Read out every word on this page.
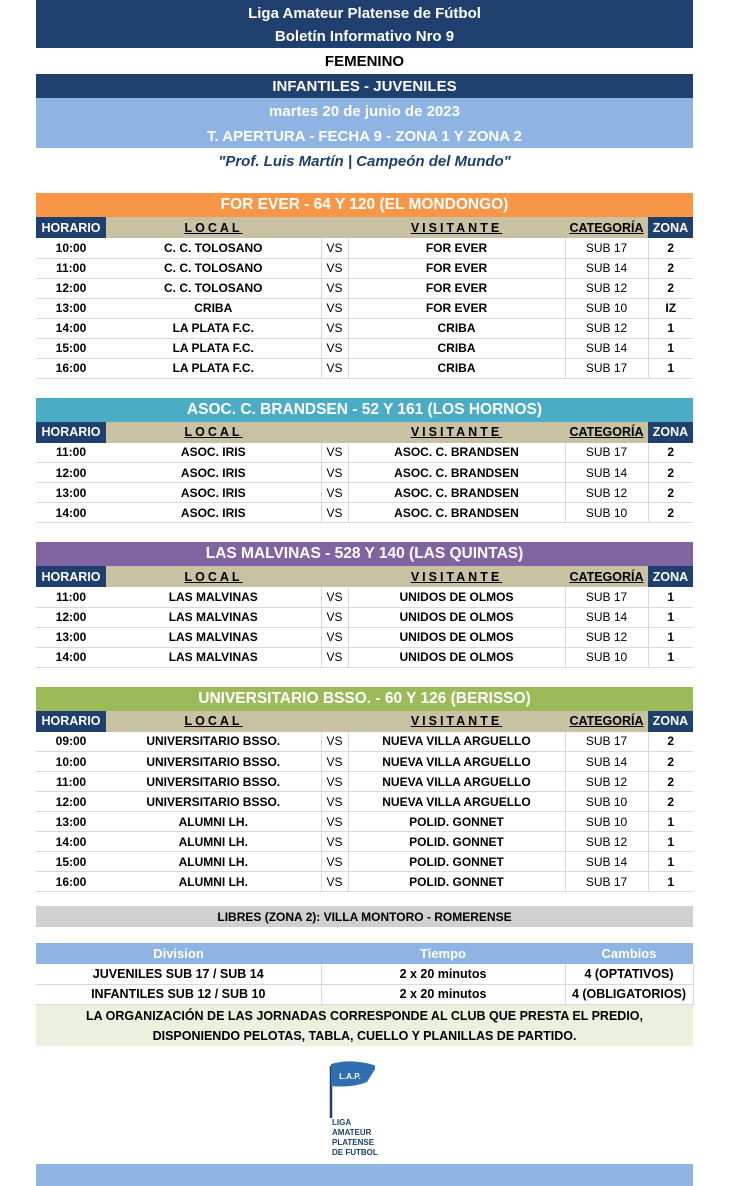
Liga Amateur Platense de Fútbol
Boletín Informativo Nro 9
FEMENINO
INFANTILES - JUVENILES
martes 20 de junio de 2023
T. APERTURA - FECHA 9 - ZONA 1 Y ZONA 2
"Prof. Luis Martín | Campeón del Mundo"
FOR EVER - 64 Y 120 (EL MONDONGO)
HORARIO	LOCAL		VISITANTE	CATEGORÍA	ZONA
10:00	C. C. TOLOSANO	VS	FOR EVER	SUB 17	2
11:00	C. C. TOLOSANO	VS	FOR EVER	SUB 14	2
12:00	C. C. TOLOSANO	VS	FOR EVER	SUB 12	2
13:00	CRIBA	VS	FOR EVER	SUB 10	IZ
14:00	LA PLATA F.C.	VS	CRIBA	SUB 12	1
15:00	LA PLATA F.C.	VS	CRIBA	SUB 14	1
16:00	LA PLATA F.C.	VS	CRIBA	SUB 17	1
ASOC. C. BRANDSEN - 52 Y 161 (LOS HORNOS)
HORARIO	LOCAL		VISITANTE	CATEGORÍA	ZONA
11:00	ASOC. IRIS	VS	ASOC. C. BRANDSEN	SUB 17	2
12:00	ASOC. IRIS	VS	ASOC. C. BRANDSEN	SUB 14	2
13:00	ASOC. IRIS	VS	ASOC. C. BRANDSEN	SUB 12	2
14:00	ASOC. IRIS	VS	ASOC. C. BRANDSEN	SUB 10	2
LAS MALVINAS - 528 Y 140 (LAS QUINTAS)
HORARIO	LOCAL		VISITANTE	CATEGORÍA	ZONA
11:00	LAS MALVINAS	VS	UNIDOS DE OLMOS	SUB 17	1
12:00	LAS MALVINAS	VS	UNIDOS DE OLMOS	SUB 14	1
13:00	LAS MALVINAS	VS	UNIDOS DE OLMOS	SUB 12	1
14:00	LAS MALVINAS	VS	UNIDOS DE OLMOS	SUB 10	1
UNIVERSITARIO BSSO. - 60 Y 126 (BERISSO)
HORARIO	LOCAL		VISITANTE	CATEGORÍA	ZONA
09:00	UNIVERSITARIO BSSO.	VS	NUEVA VILLA ARGUELLO	SUB 17	2
10:00	UNIVERSITARIO BSSO.	VS	NUEVA VILLA ARGUELLO	SUB 14	2
11:00	UNIVERSITARIO BSSO.	VS	NUEVA VILLA ARGUELLO	SUB 12	2
12:00	UNIVERSITARIO BSSO.	VS	NUEVA VILLA ARGUELLO	SUB 10	2
13:00	ALUMNI LH.	VS	POLID. GONNET	SUB 10	1
14:00	ALUMNI LH.	VS	POLID. GONNET	SUB 12	1
15:00	ALUMNI LH.	VS	POLID. GONNET	SUB 14	1
16:00	ALUMNI LH.	VS	POLID. GONNET	SUB 17	1
LIBRES (ZONA 2): VILLA MONTORO - ROMERENSE
Division	Tiempo	Cambios
JUVENILES SUB 17 / SUB 14	2 x 20 minutos	4 (OPTATIVOS)
INFANTILES SUB 12 / SUB 10	2 x 20 minutos	4 (OBLIGATORIOS)
LA ORGANIZACIÓN DE LAS JORNADAS CORRESPONDE AL CLUB QUE PRESTA EL PREDIO,
DISPONIENDO PELOTAS, TABLA, CUELLO Y PLANILLAS DE PARTIDO.
L.A.P.
LIGA
AMATEUR
PLATENSE
DE FUTBOL
